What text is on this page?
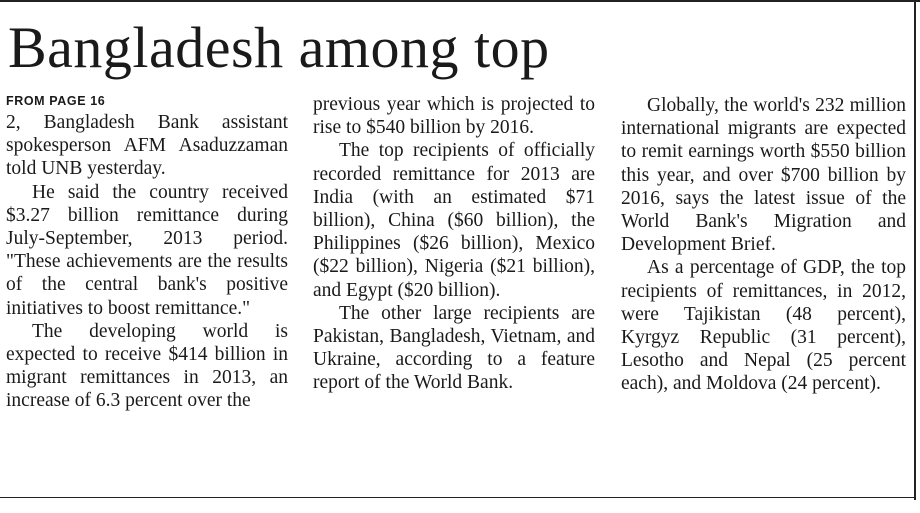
Bangladesh among top
FROM PAGE 16

2, Bangladesh Bank assistant spokesperson AFM Asaduzzaman told UNB yesterday.

He said the country received $3.27 billion remittance during July-September, 2013 period. "These achievements are the results of the central bank's positive initiatives to boost remittance."

The developing world is expected to receive $414 billion in migrant remittances in 2013, an increase of 6.3 percent over the

previous year which is projected to rise to $540 billion by 2016.

The top recipients of officially recorded remittance for 2013 are India (with an estimated $71 billion), China ($60 billion), the Philippines ($26 billion), Mexico ($22 billion), Nigeria ($21 billion), and Egypt ($20 billion).

The other large recipients are Pakistan, Bangladesh, Vietnam, and Ukraine, according to a feature report of the World Bank.

Globally, the world's 232 million international migrants are expected to remit earnings worth $550 billion this year, and over $700 billion by 2016, says the latest issue of the World Bank's Migration and Development Brief.

As a percentage of GDP, the top recipients of remittances, in 2012, were Tajikistan (48 percent), Kyrgyz Republic (31 percent), Lesotho and Nepal (25 percent each), and Moldova (24 percent).
